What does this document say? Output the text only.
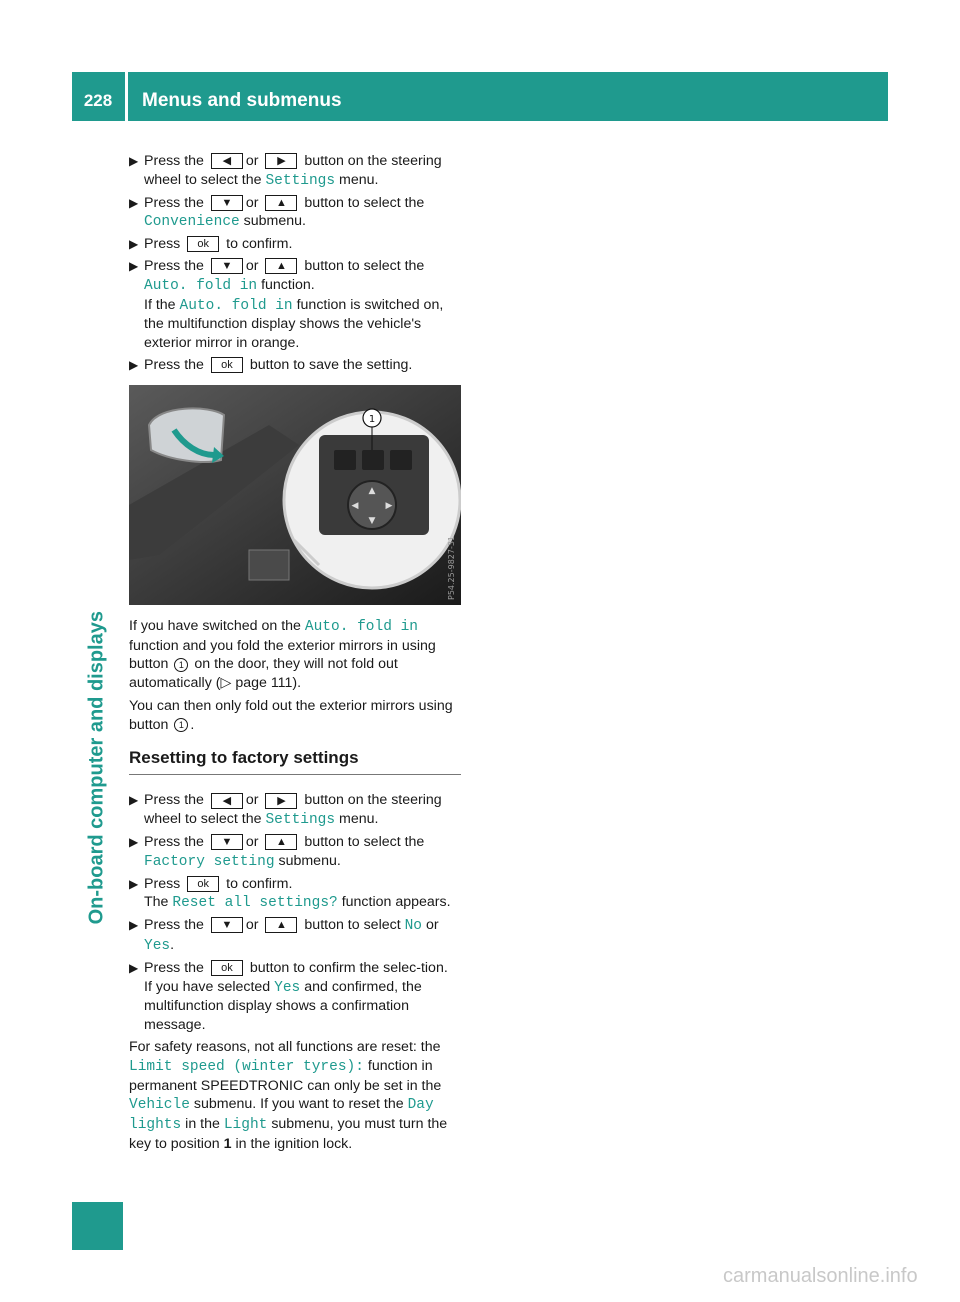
228	Menus and submenus
On-board computer and displays
▶ Press the ◀ or ▶ button on the steering wheel to select the Settings menu.
▶ Press the ▼ or ▲ button to select the
Convenience submenu.
▶ Press ok to confirm.
▶ Press the ▼ or ▲ button to select the
Auto. fold in function.
If the Auto. fold in function is switched on, the multifunction display shows the vehicle's exterior mirror in orange.
▶ Press the ok button to save the setting.
▲
▼
◀	▶
1
P54.25-9827-31
If you have switched on the Auto. fold in function and you fold the exterior mirrors in using button 1 on the door, they will not fold out automatically (▷ page 111).
You can then only fold out the exterior mirrors using button 1 .
Resetting to factory settings
▶ Press the ◀ or ▶ button on the steering wheel to select the Settings menu.
▶ Press the ▼ or ▲ button to select the
Factory setting submenu.
▶ Press ok to confirm.
The Reset all settings? function appears.
▶ Press the ▼ or ▲ button to select No or
Yes.
▶ Press the ok button to confirm the selec-tion.
If you have selected Yes and confirmed, the multifunction display shows a confirmation message.
For safety reasons, not all functions are reset: the Limit speed (winter tyres): function in permanent SPEEDTRONIC can only be set in the Vehicle submenu. If you want to reset the Day lights in the Light submenu, you must turn the key to position 1 in the ignition lock.
carmanualsonline.info
